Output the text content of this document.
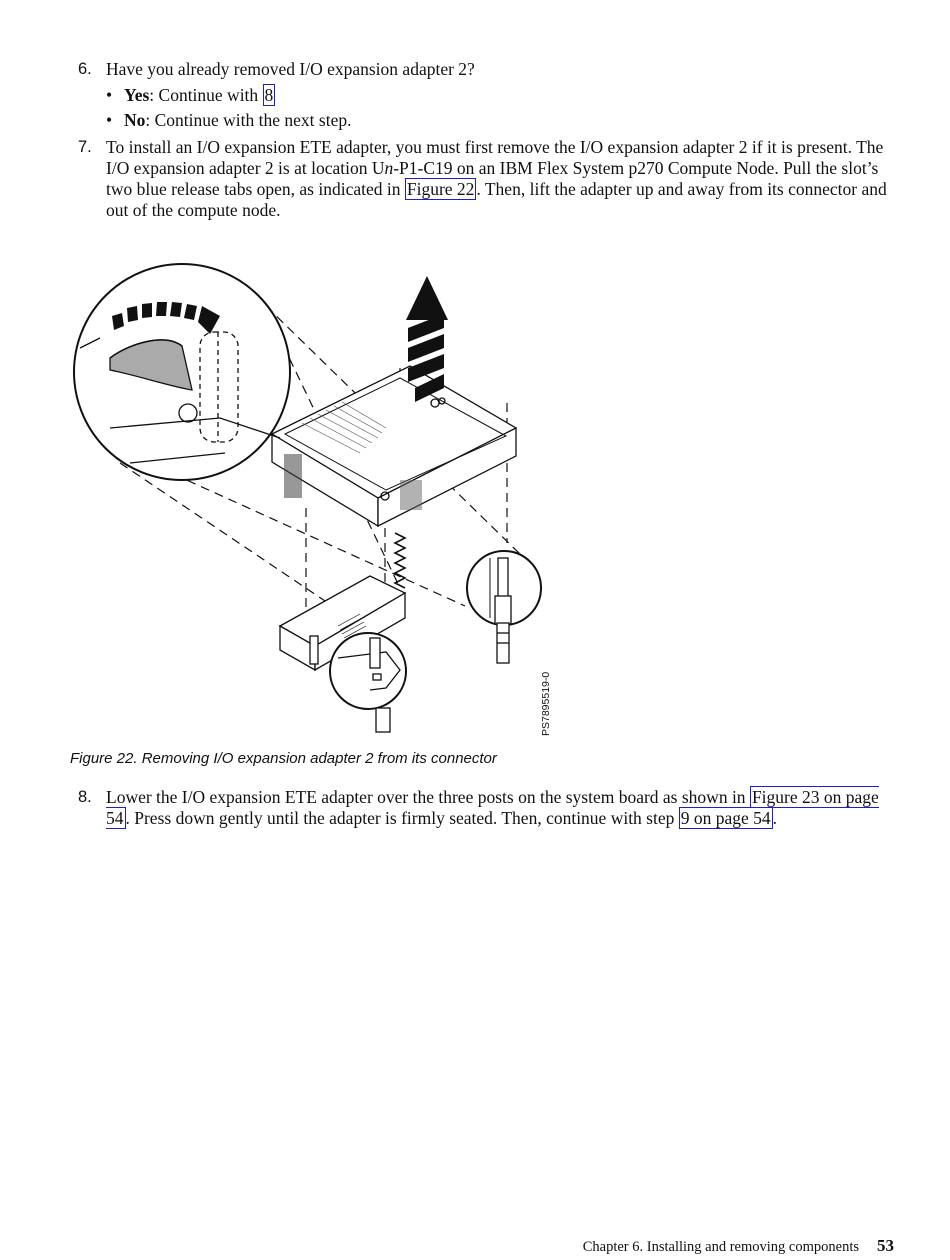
6. Have you already removed I/O expansion adapter 2?
• Yes: Continue with 8
• No: Continue with the next step.
7. To install an I/O expansion ETE adapter, you must first remove the I/O expansion adapter 2 if it is present. The I/O expansion adapter 2 is at location Un-P1-C19 on an IBM Flex System p270 Compute Node. Pull the slot’s two blue release tabs open, as indicated in Figure 22 . Then, lift the adapter up and away from its connector and out of the compute node.
PS7895519-0
Figure 22. Removing I/O expansion adapter 2 from its connector
8. Lower the I/O expansion ETE adapter over the three posts on the system board as shown in Figure 23 on page 54 . Press down gently until the adapter is firmly seated. Then, continue with step 9 on page 54 .
Chapter 6. Installing and removing components 53
